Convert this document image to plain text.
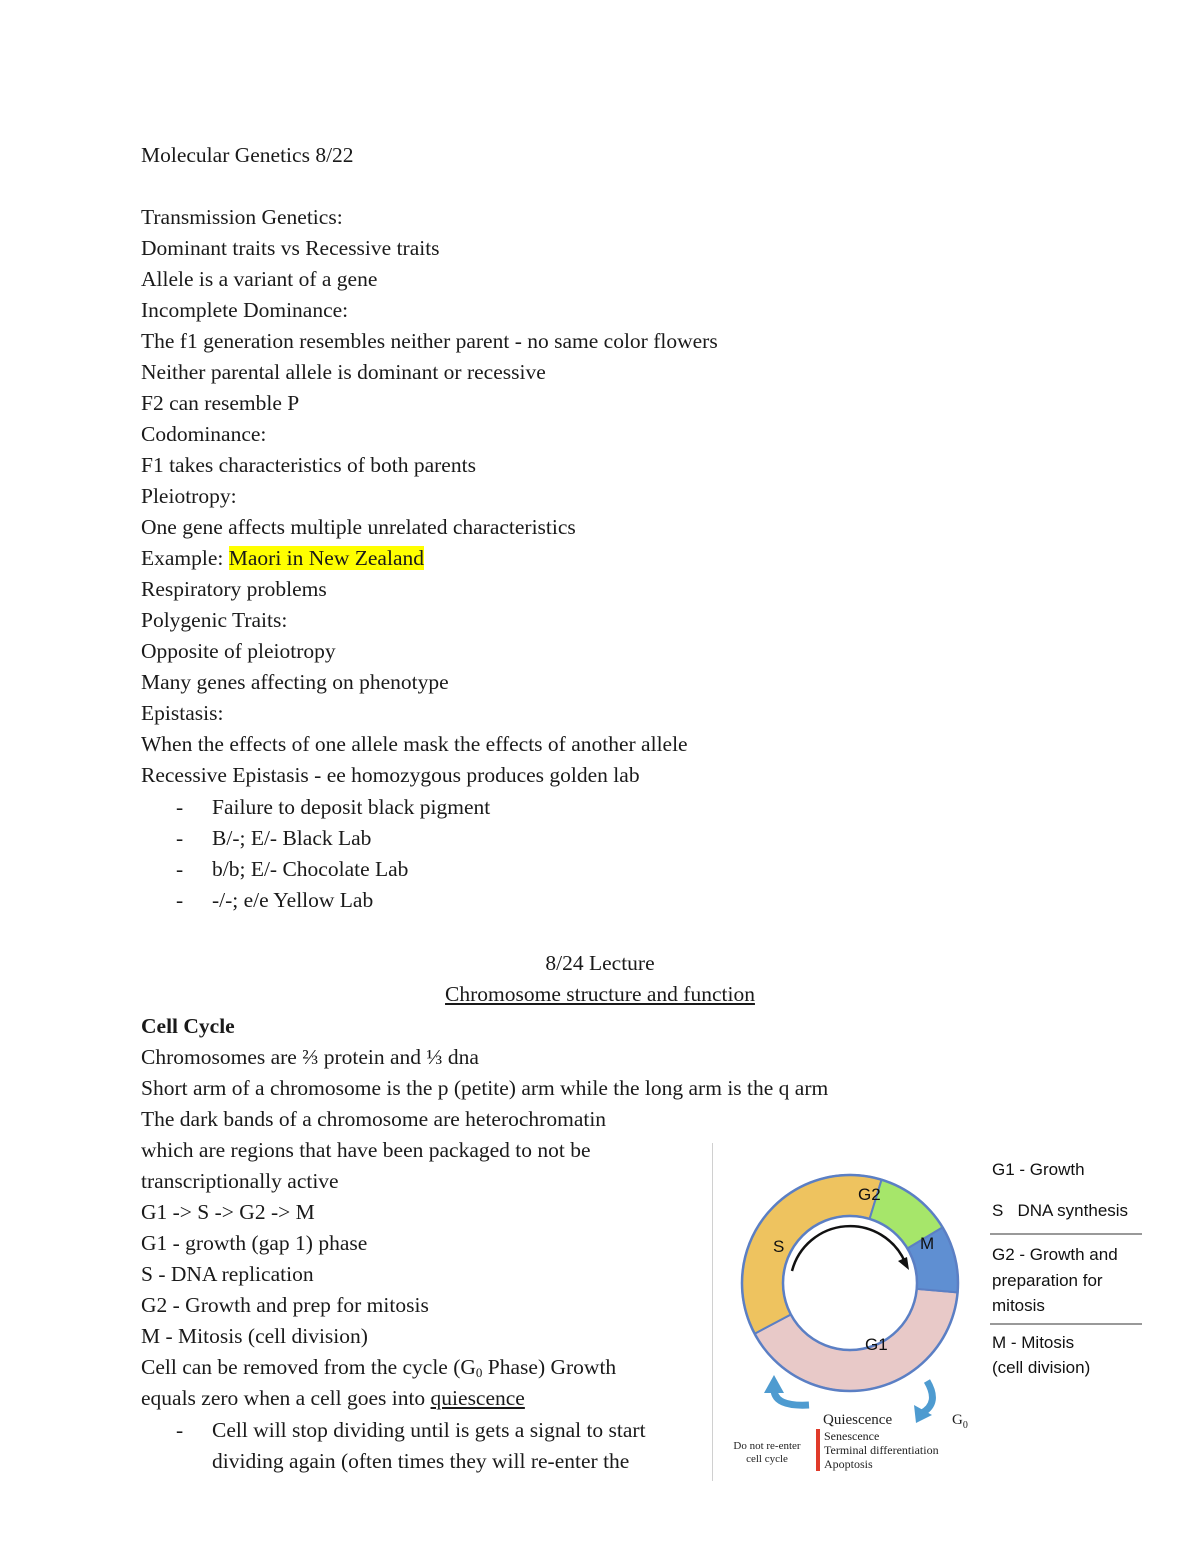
Molecular Genetics 8/22
Transmission Genetics:
Dominant traits vs Recessive traits
Allele is a variant of a gene
Incomplete Dominance:
The f1 generation resembles neither parent - no same color flowers
Neither parental allele is dominant or recessive
F2 can resemble P
Codominance:
F1 takes characteristics of both parents
Pleiotropy:
One gene affects multiple unrelated characteristics
Example: Maori in New Zealand
Respiratory problems
Polygenic Traits:
Opposite of pleiotropy
Many genes affecting on phenotype
Epistasis:
When the effects of one allele mask the effects of another allele
Recessive Epistasis - ee homozygous produces golden lab
- Failure to deposit black pigment
- B/-; E/- Black Lab
- b/b; E/- Chocolate Lab
- -/-; e/e Yellow Lab
8/24 Lecture
Chromosome structure and function
Cell Cycle
Chromosomes are ⅔ protein and ⅓ dna
Short arm of a chromosome is the p (petite) arm while the long arm is the q arm
The dark bands of a chromosome are heterochromatin
which are regions that have been packaged to not be
transcriptionally active
G1 -> S -> G2 -> M
G1 - growth (gap 1) phase
S - DNA replication
G2 - Growth and prep for mitosis
M - Mitosis (cell division)
Cell can be removed from the cycle ($G_0$ Phase) Growth
equals zero when a cell goes into quiescence
- Cell will stop dividing until is gets a signal to start
dividing again (often times they will re-enter the
S
G2
M
G1
Quiescence	$G_0$
Senescence
Terminal differentiation
Apoptosis
Do not re-enter
cell cycle
G1 - Growth
S   DNA synthesis
G2 - Growth and
preparation for
mitosis
M - Mitosis
(cell division)
